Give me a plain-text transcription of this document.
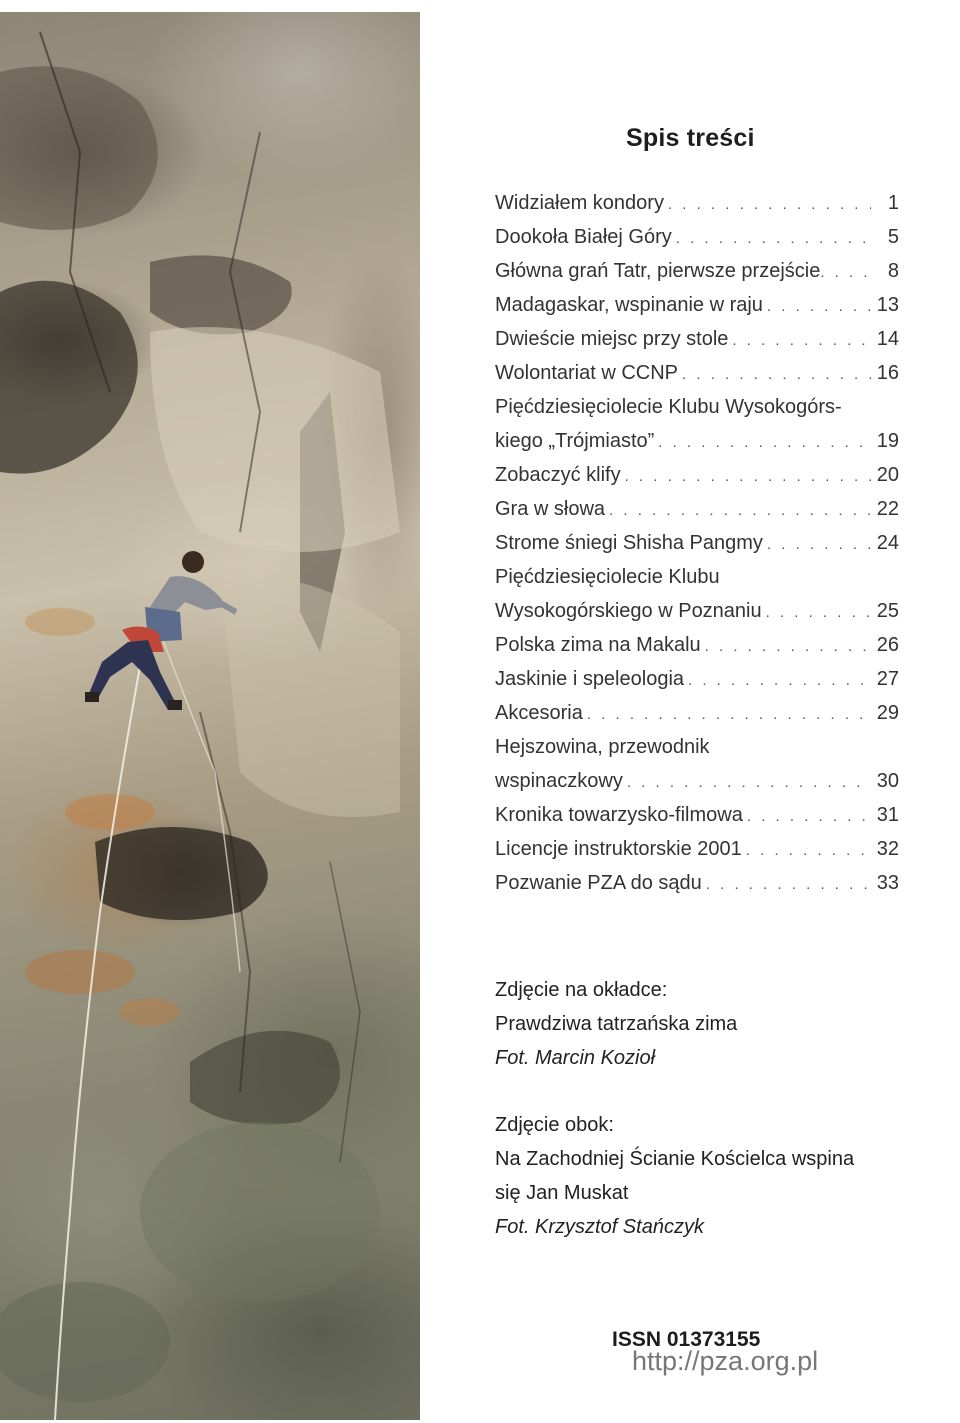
Spis treści
Widziałem kondory . . .	1
Dookoła Białej Góry . . .	5
Główna grań Tatr, pierwsze przejście . . .	8
Madagaskar, wspinanie w raju . . .	13
Dwieście miejsc przy stole . . .	14
Wolontariat w CCNP . . .	16
Pięćdziesięciolecie Klubu Wysokogórs-
kiego „Trójmiasto” . . .	19
Zobaczyć klify . . .	20
Gra w słowa . . .	22
Strome śniegi Shisha Pangmy . . .	24
Pięćdziesięciolecie Klubu
Wysokogórskiego w Poznaniu . . .	25
Polska zima na Makalu . . .	26
Jaskinie i speleologia . . .	27
Akcesoria . . .	29
Hejszowina, przewodnik
wspinaczkowy . . .	30
Kronika towarzysko-filmowa . . .	31
Licencje instruktorskie 2001 . . .	32
Pozwanie PZA do sądu . . .	33

Zdjęcie na okładce:

Prawdziwa tatrzańska zima

Fot. Marcin Kozioł

Zdjęcie obok:

Na Zachodniej Ścianie Kościelca wspina

się Jan Muskat

Fot. Krzysztof Stańczyk

ISSN 01373155

http://pza.org.pl
